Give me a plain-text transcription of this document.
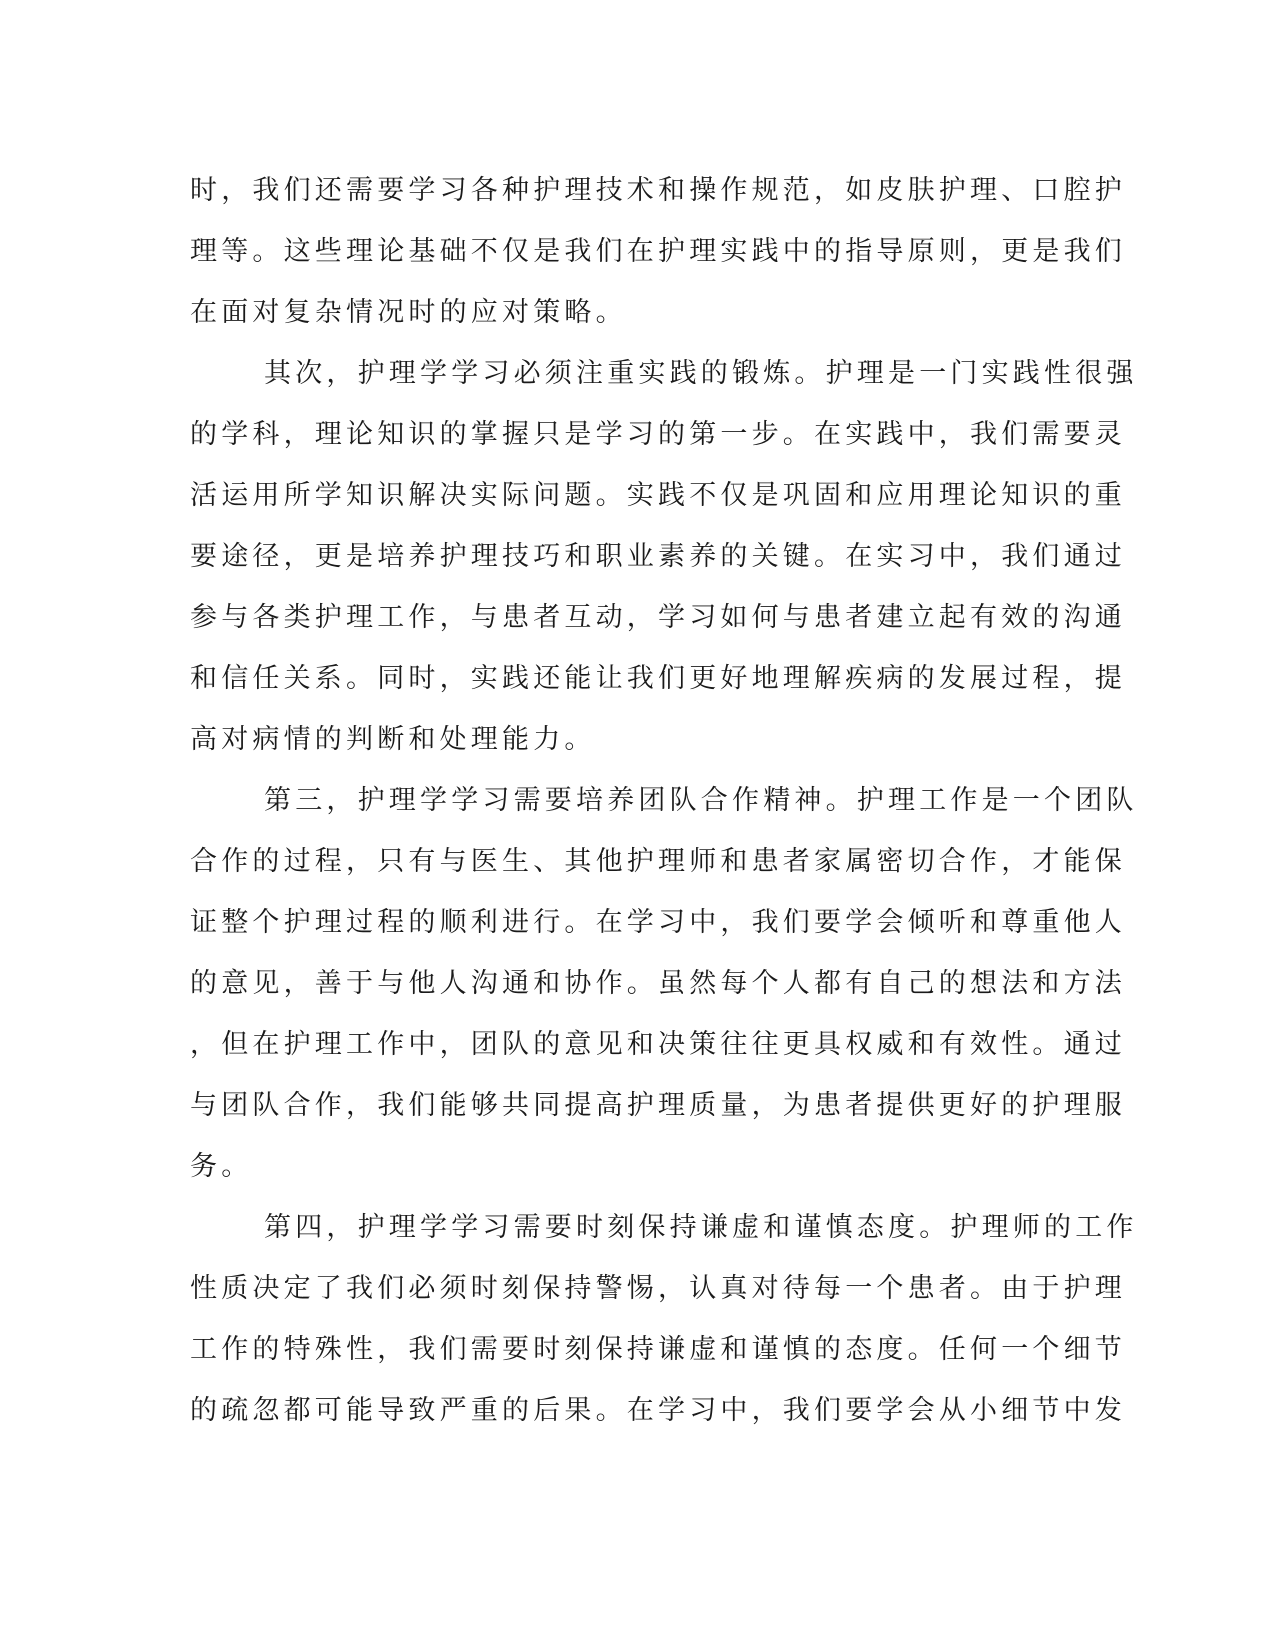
时，我们还需要学习各种护理技术和操作规范，如皮肤护理、口腔护
理等。这些理论基础不仅是我们在护理实践中的指导原则，更是我们
在面对复杂情况时的应对策略。
其次，护理学学习必须注重实践的锻炼。护理是一门实践性很强
的学科，理论知识的掌握只是学习的第一步。在实践中，我们需要灵
活运用所学知识解决实际问题。实践不仅是巩固和应用理论知识的重
要途径，更是培养护理技巧和职业素养的关键。在实习中，我们通过
参与各类护理工作，与患者互动，学习如何与患者建立起有效的沟通
和信任关系。同时，实践还能让我们更好地理解疾病的发展过程，提
高对病情的判断和处理能力。
第三，护理学学习需要培养团队合作精神。护理工作是一个团队
合作的过程，只有与医生、其他护理师和患者家属密切合作，才能保
证整个护理过程的顺利进行。在学习中，我们要学会倾听和尊重他人
的意见，善于与他人沟通和协作。虽然每个人都有自己的想法和方法
，但在护理工作中，团队的意见和决策往往更具权威和有效性。通过
与团队合作，我们能够共同提高护理质量，为患者提供更好的护理服
务。
第四，护理学学习需要时刻保持谦虚和谨慎态度。护理师的工作
性质决定了我们必须时刻保持警惕，认真对待每一个患者。由于护理
工作的特殊性，我们需要时刻保持谦虚和谨慎的态度。任何一个细节
的疏忽都可能导致严重的后果。在学习中，我们要学会从小细节中发
